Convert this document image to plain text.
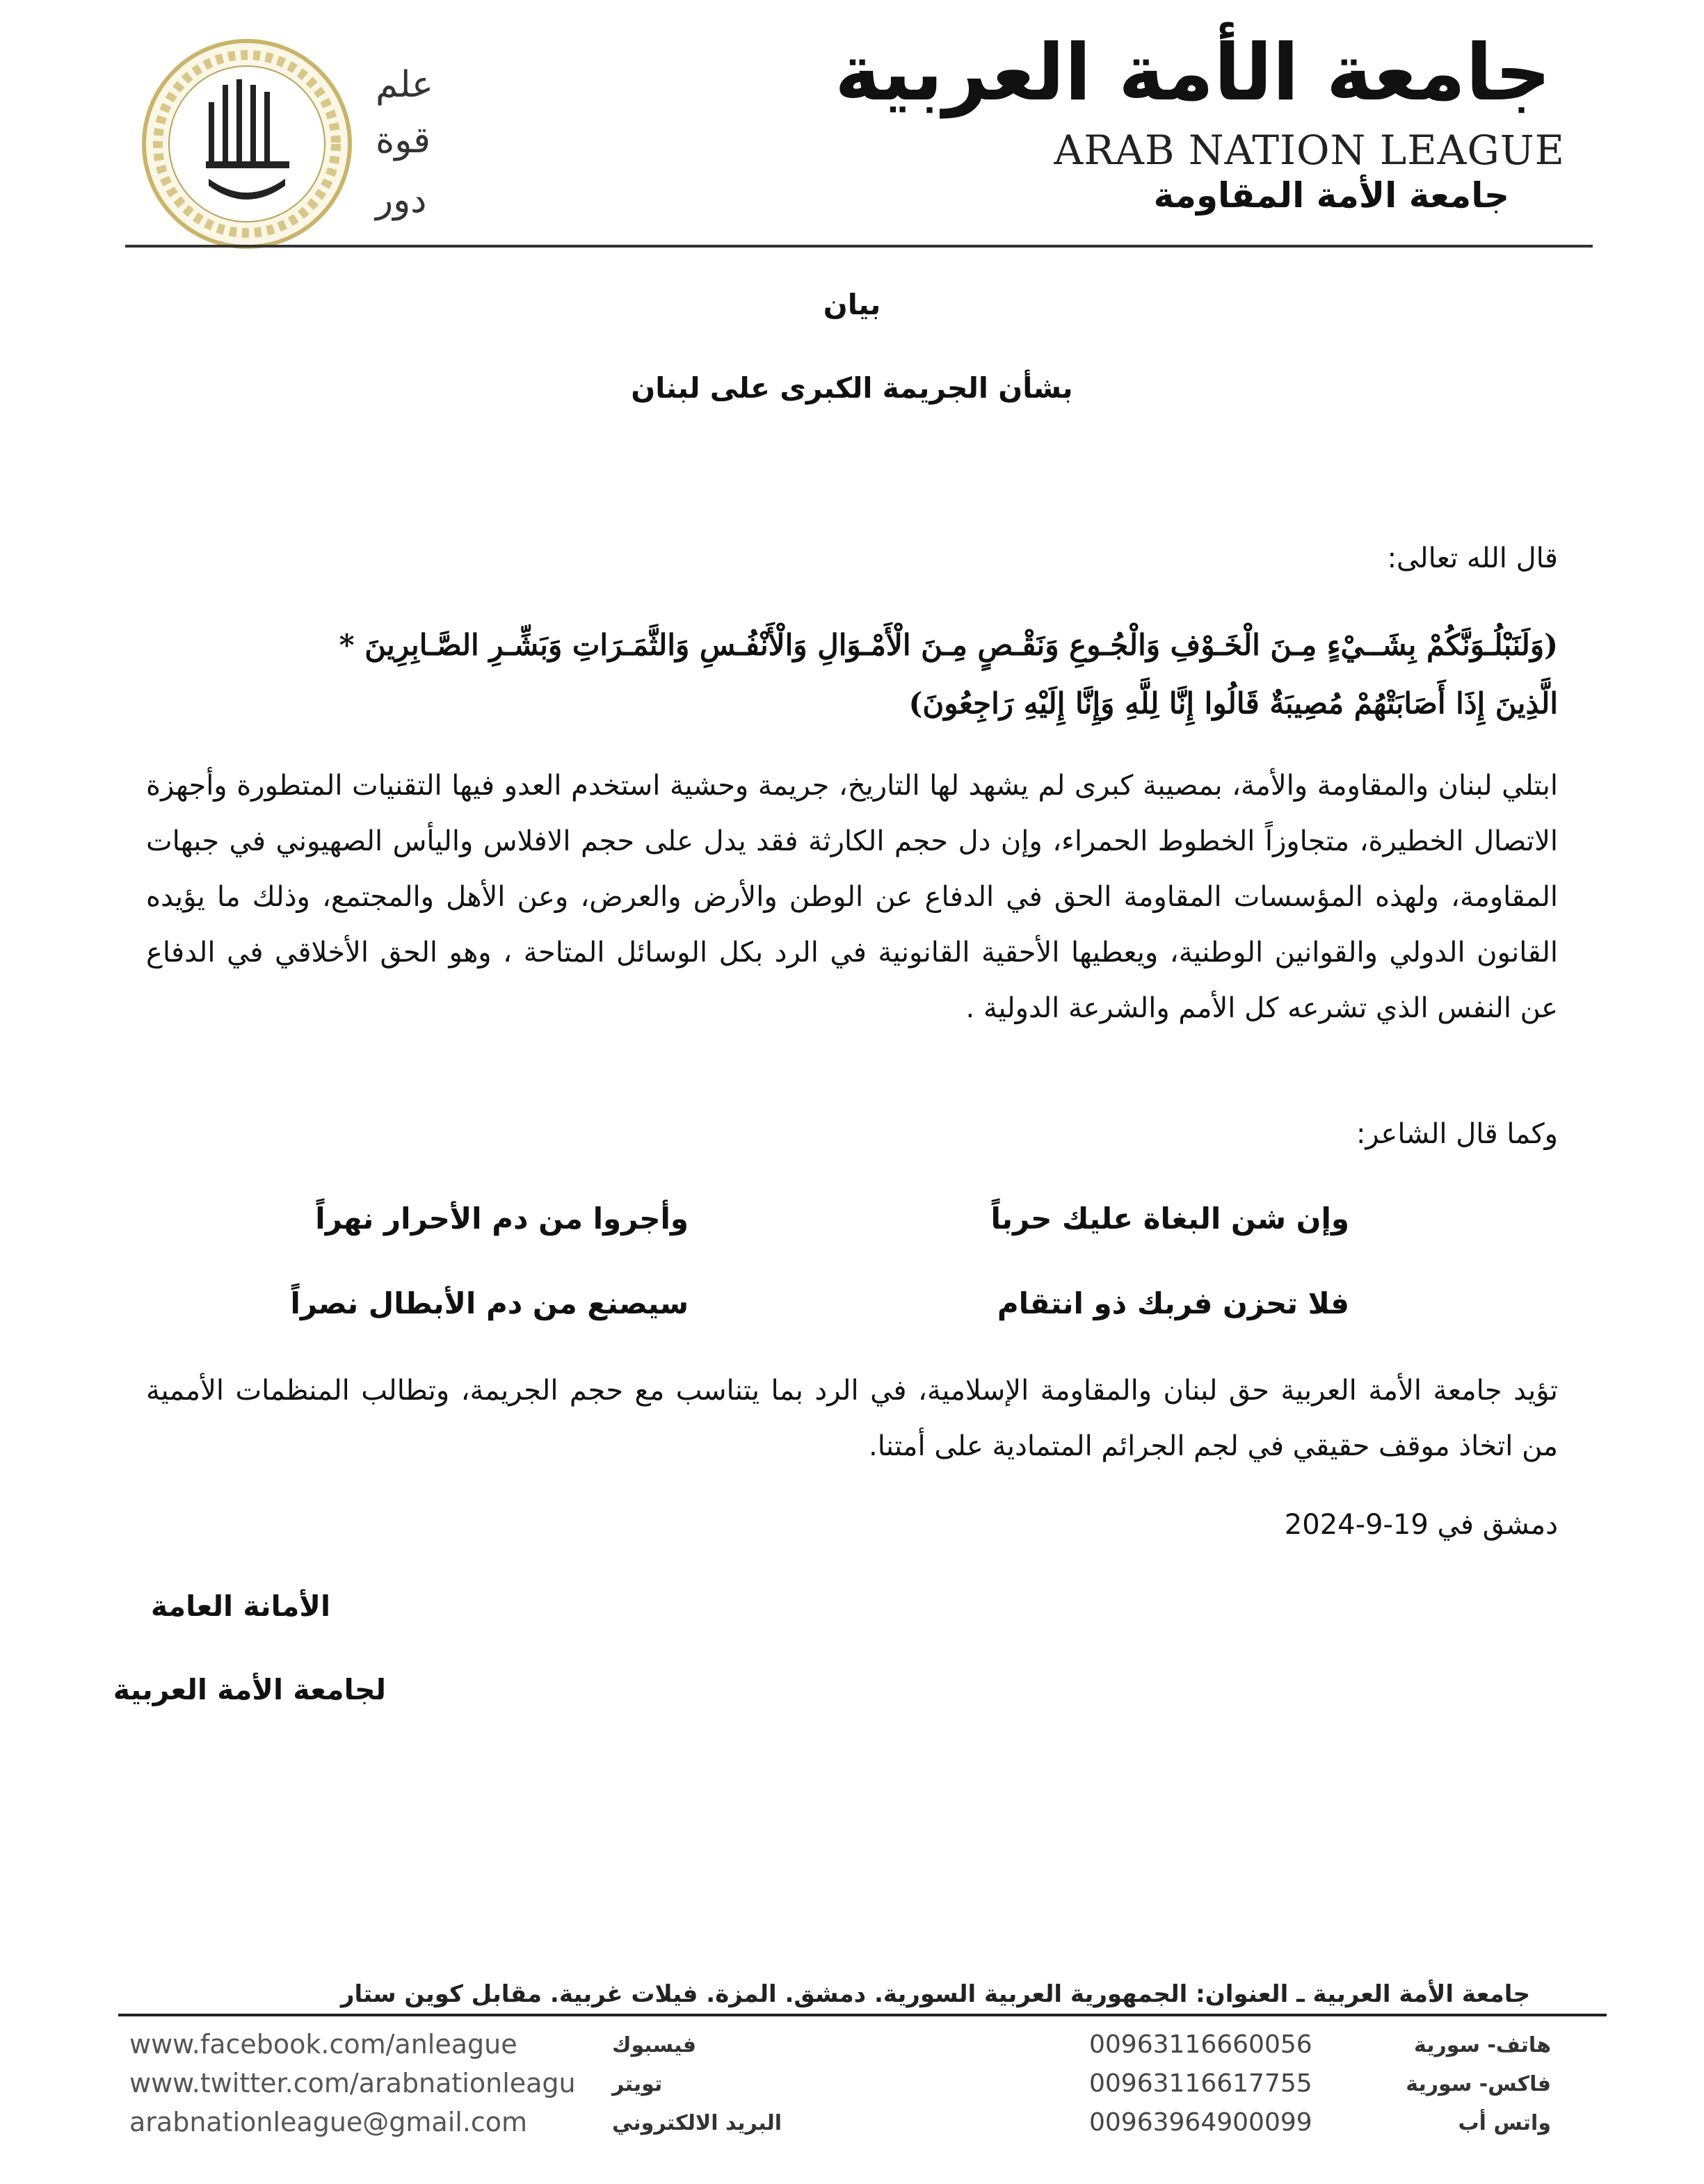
جامعة الأمة العربية
ARAB NATION LEAGUE
جامعة الأمة المقاومة
علم
قوة
دور
بيان
بشأن الجريمة الكبرى على لبنان
قال الله تعالى:
(وَلَنَبْلُـوَنَّكُمْ بِشَــيْءٍ مِـنَ الْخَـوْفِ وَالْجُـوعِ وَنَقْـصٍ مِـنَ الْأَمْـوَالِ وَالْأَنْفُـسِ وَالثَّمَـرَاتِ وَبَشِّـرِ الصَّـابِرِينَ *
الَّذِينَ إِذَا أَصَابَتْهُمْ مُصِيبَةٌ قَالُوا إِنَّا لِلَّهِ وَإِنَّا إِلَيْهِ رَاجِعُونَ)
ابتلي لبنان والمقاومة والأمة، بمصيبة كبرى لم يشهد لها التاريخ، جريمة وحشية استخدم العدو فيها التقنيات المتطورة وأجهزة الاتصال الخطيرة، متجاوزاً الخطوط الحمراء، وإن دل حجم الكارثة فقد يدل على حجم الافلاس واليأس الصهيوني في جبهات المقاومة، ولهذه المؤسسات المقاومة الحق في الدفاع عن الوطن والأرض والعرض، وعن الأهل والمجتمع، وذلك ما يؤيده القانون الدولي والقوانين الوطنية، ويعطيها الأحقية القانونية في الرد بكل الوسائل المتاحة ، وهو الحق الأخلاقي في الدفاع عن النفس الذي تشرعه كل الأمم والشرعة الدولية .
وكما قال الشاعر:
وإن شن البغاة عليك حرباً
وأجروا من دم الأحرار نهراً
فلا تحزن فربك ذو انتقام
سيصنع من دم الأبطال نصراً
تؤيد جامعة الأمة العربية حق لبنان والمقاومة الإسلامية، في الرد بما يتناسب مع حجم الجريمة، وتطالب المنظمات الأممية من اتخاذ موقف حقيقي في لجم الجرائم المتمادية على أمتنا.
دمشق في 19-9-2024
الأمانة العامة
لجامعة الأمة العربية
جامعة الأمة العربية ـ العنوان: الجمهورية العربية السورية. دمشق. المزة. فيلات غربية. مقابل كوين ستار
www.facebook.com/anleague	فيسبوك	00963116660056	هاتف- سورية
www.twitter.com/arabnationleagu تويتر	00963116617755	فاكس- سورية
arabnationleague@gmail.com	البريد الالكتروني	00963964900099	واتس أب
